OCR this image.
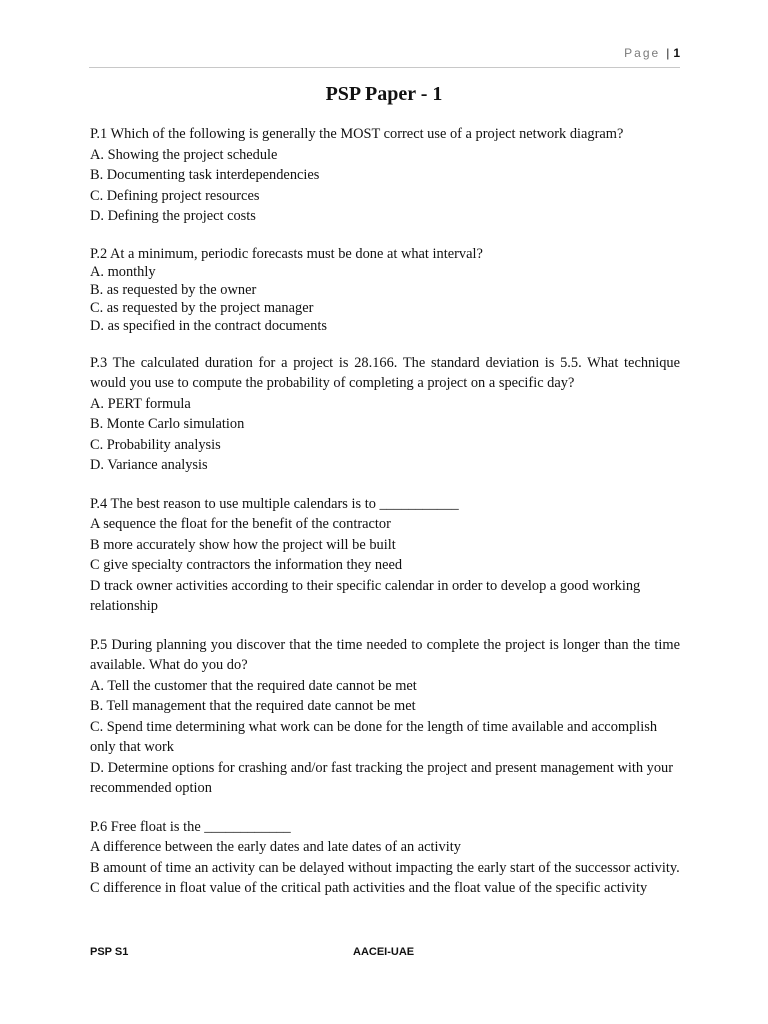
Page | 1
PSP Paper - 1
P.1 Which of the following is generally the MOST correct use of a project network diagram?
A. Showing the project schedule
B. Documenting task interdependencies
C. Defining project resources
D. Defining the project costs
P.2 At a minimum, periodic forecasts must be done at what interval?
A. monthly
B. as requested by the owner
C. as requested by the project manager
D. as specified in the contract documents
P.3 The calculated duration for a project is 28.166. The standard deviation is 5.5. What technique would you use to compute the probability of completing a project on a specific day?
A. PERT formula
B. Monte Carlo simulation
C. Probability analysis
D. Variance analysis
P.4 The best reason to use multiple calendars is to ___________
A sequence the float for the benefit of the contractor
B more accurately show how the project will be built
C give specialty contractors the information they need
D track owner activities according to their specific calendar in order to develop a good working relationship
P.5 During planning you discover that the time needed to complete the project is longer than the time available. What do you do?
A. Tell the customer that the required date cannot be met
B. Tell management that the required date cannot be met
C. Spend time determining what work can be done for the length of time available and accomplish only that work
D. Determine options for crashing and/or fast tracking the project and present management with your recommended option
P.6 Free float is the ____________
A difference between the early dates and late dates of an activity
B amount of time an activity can be delayed without impacting the early start of the successor activity.
C difference in float value of the critical path activities and the float value of the specific activity
PSP S1	AACEI-UAE
